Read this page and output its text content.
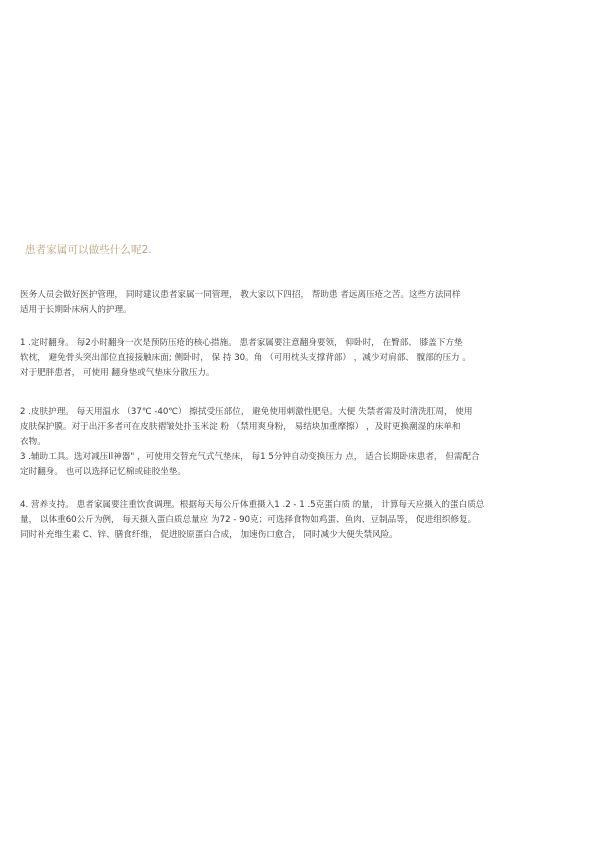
患者家属可以做些什么呢2.
医务人员会做好医护管理， 同时建议患者家属一同管理， 教大家以下四招， 帮助患 者远离压疮之苦。这些方法同样
适用于长期卧床病人的护理。
1 .定时翻身。 每2小时翻身一次是预防压疮的核心措施。 患者家属要注意翻身要领， 仰卧时， 在臀部、 膝盖下方垫
软枕， 避免骨头突出部位直接接触床面; 侧卧时， 保 持 30。角 （可用枕头支撑背部） ，减少对肩部、 髋部的压力 。
对于肥胖患者， 可使用 翻身垫或气垫床分散压力。
2 .皮肤护理。 每天用温水 （37℃ -40℃） 擦拭受压部位， 避免使用刺激性肥皂。大便 失禁者需及时清洗肛周， 使用
皮肤保护膜。对于出汗多者可在皮肤褶皱处扑玉米淀 粉 （禁用爽身粉， 易结块加重摩擦） ，及时更换潮湿的床单和
衣物。
3 .辅助工具。选对减压Il神器" ，可使用交替充气式气垫床， 每1 5分钟自动变换压力 点， 适合长期卧床患者， 但需配合
定时翻身。 也可以选择记忆棉或硅胶坐垫。
4. 营养支持。 患者家属要注重饮食调理。根据每天每公斤体重摄入1 .2 - 1 .5克蛋白质 的量， 计算每天应摄入的蛋白质总
量， 以体重60公斤为例， 每天摄入蛋白质总量应 为72 - 90克；可选择食物如鸡蛋、鱼肉、豆制品等， 促进组织修复。
同时补充维生素 C、锌、膳食纤维， 促进胶原蛋白合成， 加速伤口愈合， 同时减少大便失禁风险。
